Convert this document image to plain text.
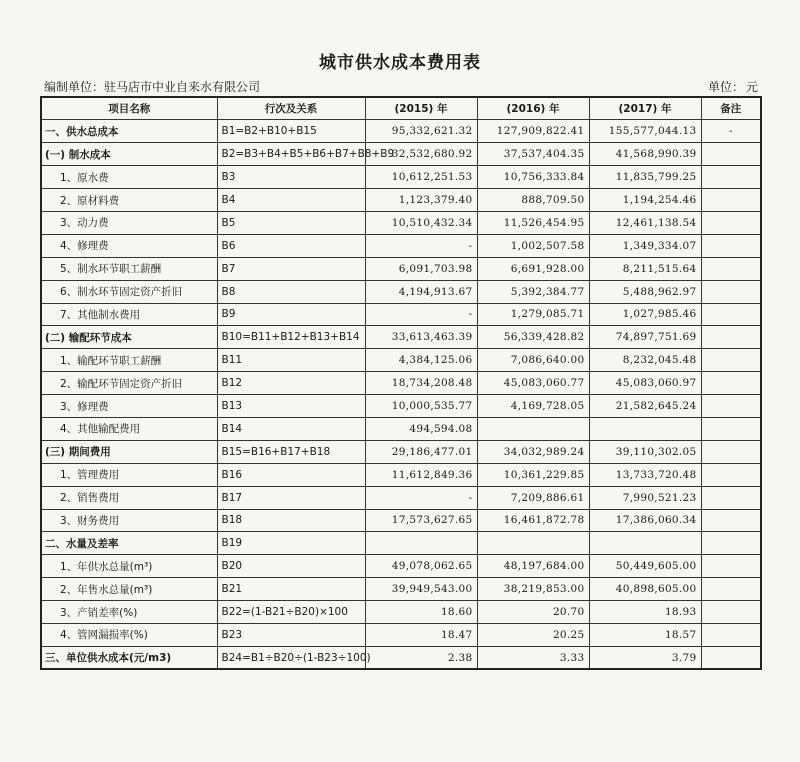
城市供水成本费用表
编制单位：驻马店市中业自来水有限公司	单位： 元
项目名称	行次及关系	(2015) 年	(2016) 年	(2017) 年	备注
一、供水总成本	B1=B2+B10+B15	95,332,621.32	127,909,822.41	155,577,044.13	-
(一) 制水成本	B2=B3+B4+B5+B6+B7+B8+B9	32,532,680.92	37,537,404.35	41,568,990.39	
1、原水费	B3	10,612,251.53	10,756,333.84	11,835,799.25	
2、原材料费	B4	1,123,379.40	888,709.50	1,194,254.46	
3、动力费	B5	10,510,432.34	11,526,454.95	12,461,138.54	
4、修理费	B6	-	1,002,507.58	1,349,334.07	
5、制水环节职工薪酬	B7	6,091,703.98	6,691,928.00	8,211,515.64	
6、制水环节固定资产折旧	B8	4,194,913.67	5,392,384.77	5,488,962.97	
7、其他制水费用	B9	-	1,279,085.71	1,027,985.46	
(二) 输配环节成本	B10=B11+B12+B13+B14	33,613,463.39	56,339,428.82	74,897,751.69	
1、输配环节职工薪酬	B11	4,384,125.06	7,086,640.00	8,232,045.48	
2、输配环节固定资产折旧	B12	18,734,208.48	45,083,060.77	45,083,060.97	
3、修理费	B13	10,000,535.77	4,169,728.05	21,582,645.24	
4、其他输配费用	B14	494,594.08			
(三) 期间费用	B15=B16+B17+B18	29,186,477.01	34,032,989.24	39,110,302.05	
1、管理费用	B16	11,612,849.36	10,361,229.85	13,733,720.48	
2、销售费用	B17	-	7,209,886.61	7,990,521.23	
3、财务费用	B18	17,573,627.65	16,461,872.78	17,386,060.34	
二、水量及差率	B19				
1、年供水总量(m³)	B20	49,078,062.65	48,197,684.00	50,449,605.00	
2、年售水总量(m³)	B21	39,949,543.00	38,219,853.00	40,898,605.00	
3、产销差率(%)	B22=(1-B21÷B20)×100	18.60	20.70	18.93	
4、管网漏损率(%)	B23	18.47	20.25	18.57	
三、单位供水成本(元/m3)	B24=B1÷B20÷(1-B23÷100)	2.38	3.33	3.79	
